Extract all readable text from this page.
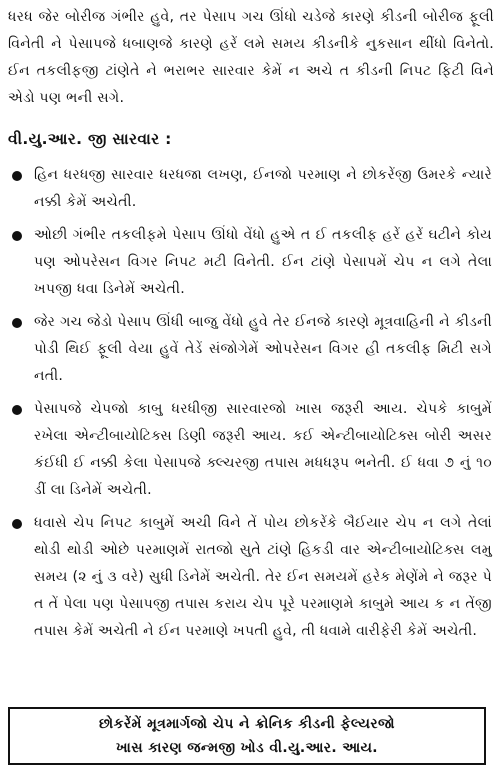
ધરધ જેર બોરીજ ગંભીર હુવે, તર પેસાપ ગચ ઊંધો ચડેજે કારણે કીડની બોરીજ ફૂલી વિનેતી ને પેસાપજે ધબાણજે કારણે હરેં લમે સમય કીડનીકે નુકસાન થીંધો વિનેતો. ઈન તકલીફજી ટાંણેતે ને ભરાભર સારવાર કેમેં ન અચે ત કીડની નિપટ ફિટી વિને એડો પણ ભની સગે.

વી.યુ.આર. જી સારવાર :
હિન ધરધજી સારવાર ધરધજા લખણ, ઈનજો પરમાણ ને છોકરેંજી ઉમરકે ન્યારે નક્કી કેમેં અચેતી.
ઓછી ગંભીર તકલીફમે પેસાપ ઊંધો વેંધો હુએ ત ઈ તકલીફ હરેં હરેં ઘટીને કોય પણ ઓપરેસન વિગર નિપટ મટી વિનેતી. ઈન ટાંણે પેસાપમેં ચેપ ન લગે તેલા ખપજી ધવા ડિનેમેં અચેતી.
જેર ગચ જેડો પેસાપ ઊંધી બાજુ વેંધો હુવે તેર ઈનજે કારણે મૂત્રવાહિની ને કીડની પોડી થિઈ ફૂલી વેયા હુવેં તેડેં સંજોગેમેં ઓપરેસન વિગર હી તકલીફ મિટી સગે નતી.
પેસાપજે ચેપજો કાબુ ધરધીજી સારવારજો ખાસ જરૂરી આય. ચેપકે કાબુમેં રખેલા એન્ટીબાયોટિક્સ ડિણી જરૂરી આય. કઈ એન્ટીબાયોટિક્સ બોરી અસર કંઈધી ઈ નક્કી કેલા પેસાપજે ક્લ્ચરજી તપાસ મધધરૂપ ભનેતી. ઈ ધવા ૭ નું ૧૦ ડીં લા ડિનેમેં અચેતી.
ધવાસે ચેપ નિપટ કાબુમેં અચી વિને તેં પોય છોકરેંકે બૈઈયાર ચેપ ન લગે તેલાં થોડી થોડી ઓછે પરમાણમેં રાતજો સુતે ટાંણે હિકડી વાર એન્ટીબાયોટિક્સ લમુ સમય (૨ નું ૩ વરે) સુધી ડિનેમેં અચેતી. તેર ઈન સમયમેં હરેક મેણેંમે ને જરૂર પે ત તેં પેલા પણ પેસાપજી તપાસ કરાય ચેપ પૂરે પરમાણમે કાબુમે આય ક ન તેંજી તપાસ કેમેં અચેતી ને ઈન પરમાણે ખપતી હુવે, તી ધવામે વારીફેરી કેમેં અચેતી.
છોકરેંમેં મૂત્રમાર્ગજો ચેપ ને ક્રોનિક કીડની ફેલ્યરજો
ખાસ કારણ જન્મજી ખોડ વી.યુ.આર. આય.
